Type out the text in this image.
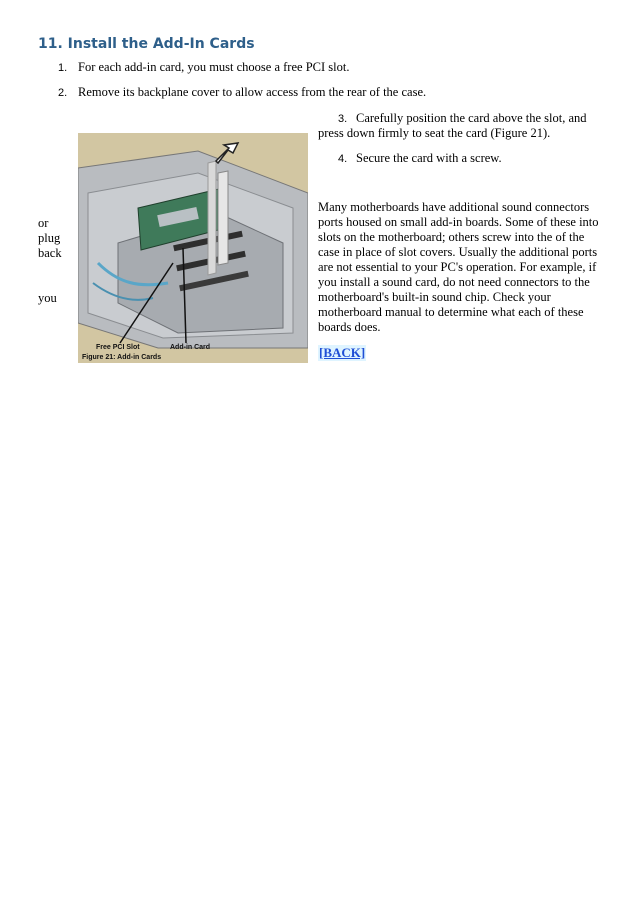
11. Install the Add-In Cards
1. For each add-in card, you must choose a free PCI slot.
2. Remove its backplane cover to allow access from the rear of the case.
3. Carefully position the card above the slot, and
press down firmly to seat the card (Figure 21).
4. Secure the card with a screw.
or
plug
back
you
Free PCI Slot	Add-in Card
Figure 21: Add-in Cards

Many motherboards have additional sound connectors ports housed on small add-in boards. Some of these into slots on the motherboard; others screw into the of the case in place of slot covers. Usually the additional ports are not essential to your PC's operation. For example, if you install a sound card, do not need connectors to the motherboard's built-in sound chip. Check your motherboard manual to determine what each of these boards does.

[BACK]
